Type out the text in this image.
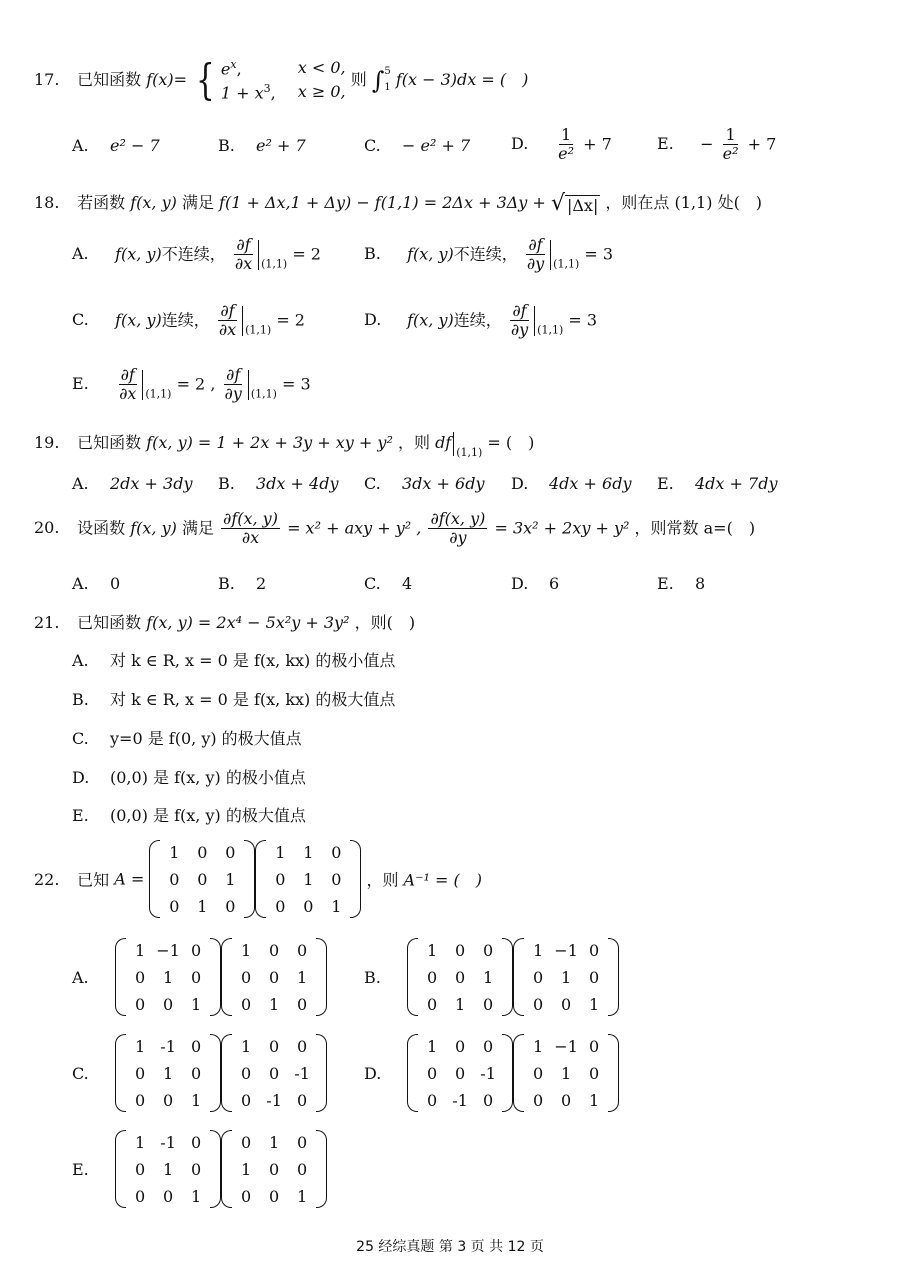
17. 已知函数 f(x)= { $e^x$,	x < 0,
$1 + x^3$, x ≥ 0,
则 ∫ 5
1 f(x − 3)dx = (　)
A. e² − 7	B. e² + 7	C. − e² + 7	D. $\frac{1}{\text{e²}} + 7$	E. − $\frac{1}{\text{e²}} + 7$
18. 若函数 f(x, y) 满足 f(1 + Δx,1 + Δy) − f(1,1) = 2Δx + 3Δy + √ |Δx| ，则在点 (1,1) 处(　)
A. f(x, y)不连续， $\frac{\partial f}{\partial x} _{(1,1)} = 2$	B. f(x, y)不连续， $\frac{\partial f}{\partial y} _{(1,1)} = 3$
C. f(x, y)连续， $\frac{\partial f}{\partial x} _{(1,1)} = 2$	D. f(x, y)连续， $\frac{\partial f}{\partial y} _{(1,1)} = 3$
E. $\frac{\partial f}{\partial x} _{(1,1)} = 2$ , $\frac{\partial f}{\partial y} _{(1,1)} = 3$
19. 已知函数 f(x, y) = 1 + 2x + 3y + xy + y² ，则 $df_{(1,1)}$ = (　)
A. 2dx + 3dy B. 3dx + 4dy C. 3dx + 6dy D. 4dx + 6dy E. 4dx + 7dy
20. 设函数 f(x, y) 满足 $\frac{\partial f(x, y)}{\partial x} = x^2$ + axy + y² , $\frac{\partial f(x, y)}{\partial y} = 3x^2 + 2xy + y^2$ ，则常数 a=(　)
A. 0	B. 2	C. 4	D. 6	E. 8
21. 已知函数 f(x, y) = 2x⁴ − 5x²y + 3y² ，则(　)
A. 对 k ∈ R, x = 0 是 f(x, kx) 的极小值点
B. 对 k ∈ R, x = 0 是 f(x, kx) 的极大值点
C. y=0 是 f(0, y) 的极大值点
D. (0,0) 是 f(x, y) 的极小值点
E. (0,0) 是 f(x, y) 的极大值点
22. 已知 A =
1	0	0
0	0	1
0	1	0
1	1	0
0	1	0
0	0	1
，则 A⁻¹ = (　)
A.
1 −1 0
0	1	0
0	0	1
1	0	0
0	0	1
0	1	0
B.
1	0	0
0	0	1
0	1	0
1 −1 0
0	1	0
0	0	1
C.
1 -1 0
0	1	0
0	0	1
1	0	0
0	0 -1
0 -1 0
D.
1	0	0
0	0 -1
0 -1 0
1 −1 0
0	1	0
0	0	1
E.
1 -1 0
0	1	0
0	0	1
0	1	0
1	0	0
0	0	1
25 经综真题 第 3 页 共 12 页
